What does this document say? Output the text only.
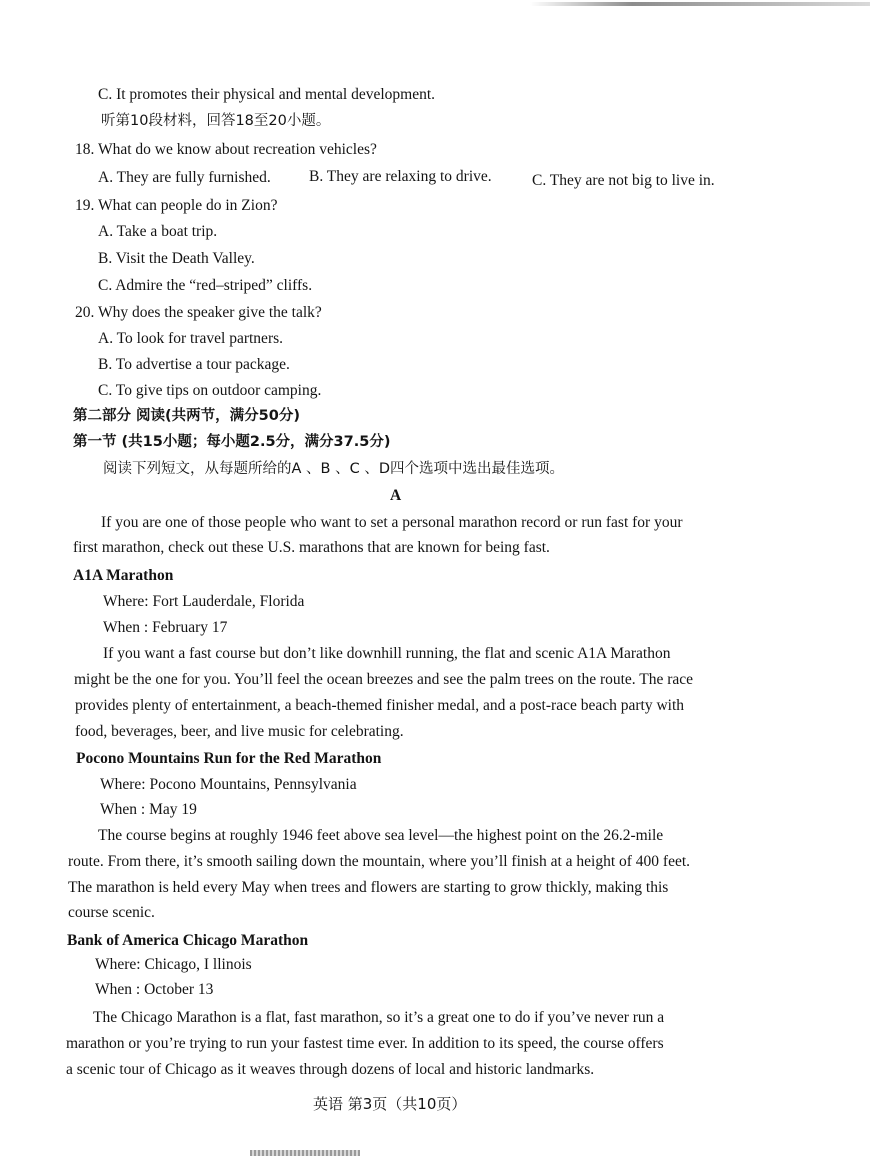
C. It promotes their physical and mental development.
听第10段材料，回答18至20小题。
18. What do we know about recreation vehicles?
A. They are fully furnished. B. They are relaxing to drive.	C. They are not big to live in.
19. What can people do in Zion?
A. Take a boat trip.
B. Visit the Death Valley.
C. Admire the “red–striped” cliffs.
20. Why does the speaker give the talk?
A. To look for travel partners.
B. To advertise a tour package.
C. To give tips on outdoor camping.
第二部分 阅读(共两节，满分50分)
第一节 (共15小题；每小题2.5分，满分37.5分)
阅读下列短文，从每题所给的A 、B 、C 、D四个选项中选出最佳选项。
A
If you are one of those people who want to set a personal marathon record or run fast for your
first marathon, check out these U.S. marathons that are known for being fast.
A1A Marathon
Where: Fort Lauderdale, Florida
When : February 17
If you want a fast course but don’t like downhill running, the flat and scenic A1A Marathon
might be the one for you. You’ll feel the ocean breezes and see the palm trees on the route. The race
provides plenty of entertainment, a beach-themed finisher medal, and a post-race beach party with
food, beverages, beer, and live music for celebrating.
Pocono Mountains Run for the Red Marathon
Where: Pocono Mountains, Pennsylvania
When : May 19
The course begins at roughly 1946 feet above sea level—the highest point on the 26.2-mile
route. From there, it’s smooth sailing down the mountain, where you’ll finish at a height of 400 feet.
The marathon is held every May when trees and flowers are starting to grow thickly, making this
course scenic.
Bank of America Chicago Marathon
Where: Chicago, I llinois
When : October 13
The Chicago Marathon is a flat, fast marathon, so it’s a great one to do if you’ve never run a
marathon or you’re trying to run your fastest time ever. In addition to its speed, the course offers
a scenic tour of Chicago as it weaves through dozens of local and historic landmarks.
英语 第3页（共10页）
